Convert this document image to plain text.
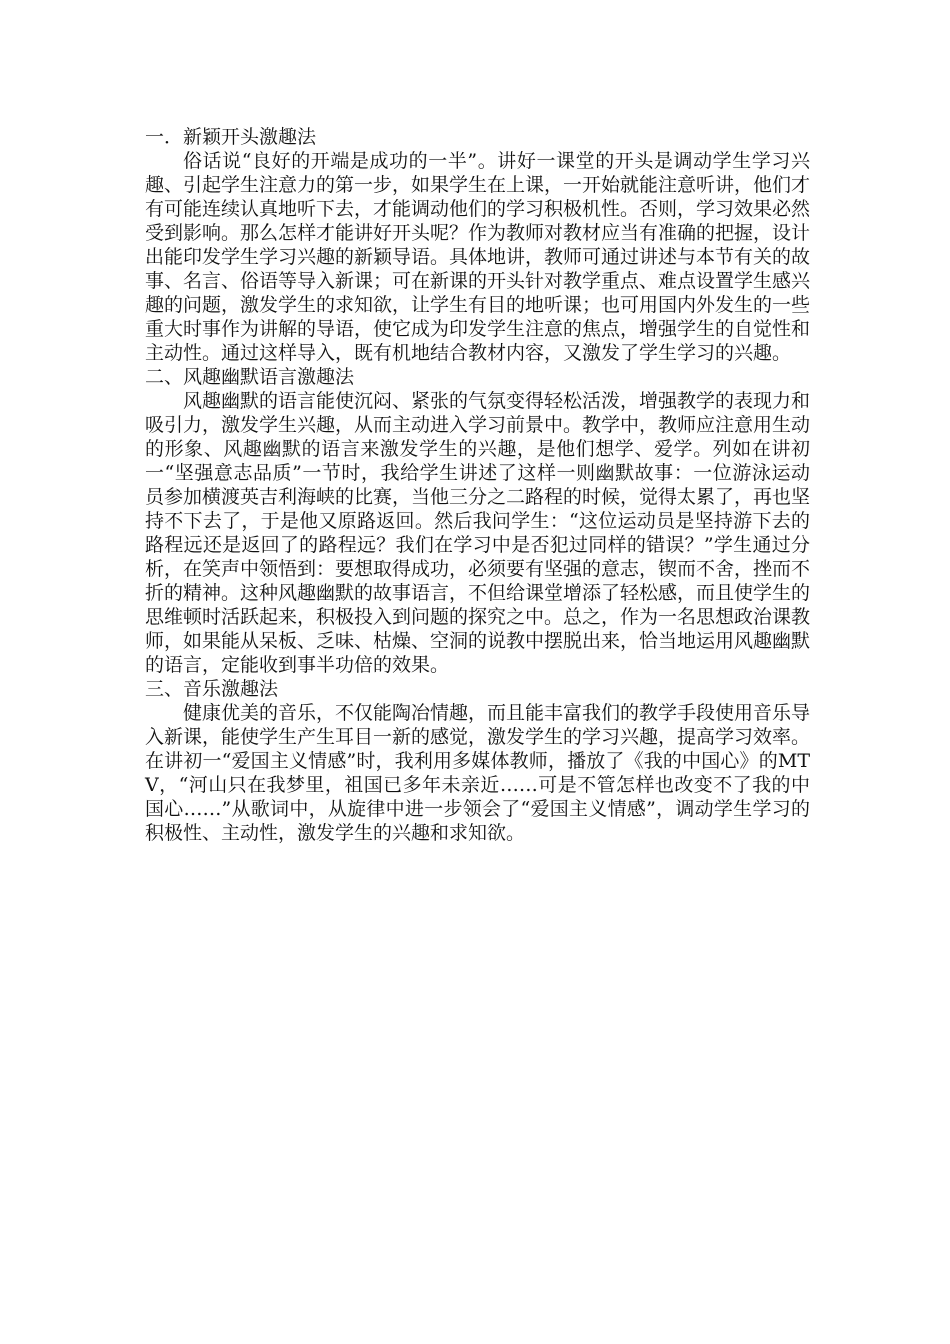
一．新颖开头激趣法

俗话说“良好的开端是成功的一半”。讲好一课堂的开头是调动学生学习兴趣、引起学生注意力的第一步，如果学生在上课，一开始就能注意听讲，他们才有可能连续认真地听下去，才能调动他们的学习积极机性。否则，学习效果必然受到影响。那么怎样才能讲好开头呢？作为教师对教材应当有准确的把握，设计出能印发学生学习兴趣的新颖导语。具体地讲，教师可通过讲述与本节有关的故事、名言、俗语等导入新课；可在新课的开头针对教学重点、难点设置学生感兴趣的问题，激发学生的求知欲，让学生有目的地听课；也可用国内外发生的一些重大时事作为讲解的导语，使它成为印发学生注意的焦点，增强学生的自觉性和主动性。通过这样导入，既有机地结合教材内容，又激发了学生学习的兴趣。

二、风趣幽默语言激趣法

风趣幽默的语言能使沉闷、紧张的气氛变得轻松活泼，增强教学的表现力和吸引力，激发学生兴趣，从而主动进入学习前景中。教学中，教师应注意用生动的形象、风趣幽默的语言来激发学生的兴趣，是他们想学、爱学。列如在讲初一“坚强意志品质”一节时，我给学生讲述了这样一则幽默故事：一位游泳运动员参加横渡英吉利海峡的比赛，当他三分之二路程的时候，觉得太累了，再也坚持不下去了，于是他又原路返回。然后我问学生：“这位运动员是坚持游下去的路程远还是返回了的路程远？我们在学习中是否犯过同样的错误？”学生通过分析，在笑声中领悟到：要想取得成功，必须要有坚强的意志，锲而不舍，挫而不折的精神。这种风趣幽默的故事语言，不但给课堂增添了轻松感，而且使学生的思维顿时活跃起来，积极投入到问题的探究之中。总之，作为一名思想政治课教师，如果能从呆板、乏味、枯燥、空洞的说教中摆脱出来，恰当地运用风趣幽默的语言，定能收到事半功倍的效果。

三、音乐激趣法

健康优美的音乐，不仅能陶冶情趣，而且能丰富我们的教学手段使用音乐导入新课，能使学生产生耳目一新的感觉，激发学生的学习兴趣，提高学习效率。在讲初一“爱国主义情感”时，我利用多媒体教师，播放了《我的中国心》的MTV，“河山只在我梦里，祖国已多年未亲近……可是不管怎样也改变不了我的中国心……”从歌词中，从旋律中进一步领会了“爱国主义情感”，调动学生学习的积极性、主动性，激发学生的兴趣和求知欲。
